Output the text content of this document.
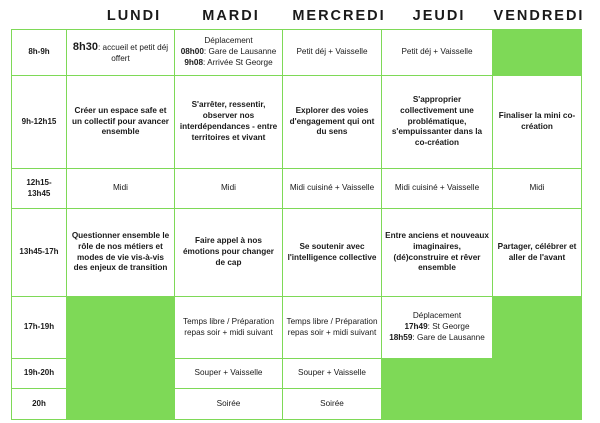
LUNDI	MARDI	MERCREDI	JEUDI	VENDREDI
8h-9h	8h30: accueil et petit déj offert	Déplacement
08h00: Gare de Lausanne
9h08: Arrivée St George	Petit déj + Vaisselle	Petit déj + Vaisselle	
9h-12h15	Créer un espace safe et un collectif pour avancer ensemble	S'arrêter, ressentir, observer nos interdépendances - entre territoires et vivant	Explorer des voies d'engagement qui ont du sens	S'approprier collectivement une problématique, s'empuissanter dans la co-création	Finaliser la mini co-création
12h15-13h45	Midi	Midi	Midi cuisiné + Vaisselle	Midi cuisiné + Vaisselle	Midi
13h45-17h	Questionner ensemble le rôle de nos métiers et modes de vie vis-à-vis des enjeux de transition	Faire appel à nos émotions pour changer de cap	Se soutenir avec l'intelligence collective	Entre anciens et nouveaux imaginaires, (dé)construire et rêver ensemble	Partager, célébrer et aller de l'avant
17h-19h		Temps libre / Préparation repas soir + midi suivant	Temps libre / Préparation repas soir + midi suivant	Déplacement
17h49: St George
18h59: Gare de Lausanne	

19h-20h		Souper + Vaisselle	Souper + Vaisselle		
20h		Soirée	Soirée		
